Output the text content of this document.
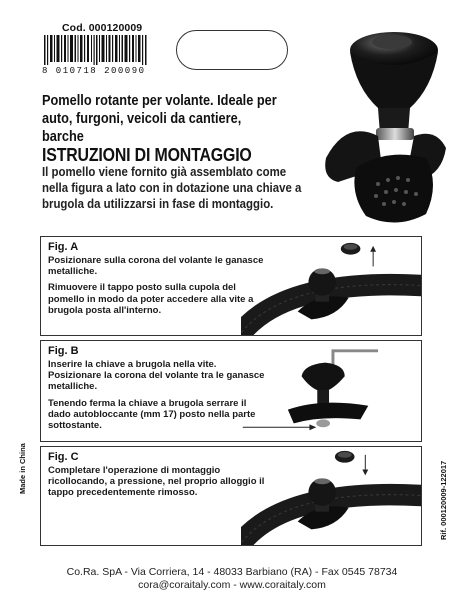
Cod. 000120009
8 010718 200090
Pomello rotante per volante. Ideale per auto, furgoni, veicoli da cantiere, barche
ISTRUZIONI DI MONTAGGIO
Il pomello viene fornito già assemblato come nella figura a lato con in dotazione una chiave a brugola da utilizzarsi in fase di montaggio.
Fig. A

Posizionare sulla corona del volante le ganasce metalliche.

Rimuovere il tappo posto sulla cupola del pomello in modo da poter accedere alla vite a brugola posta all'interno.

Fig. B

Inserire la chiave a brugola nella vite. Posizionare la corona del volante tra le ganasce metalliche.

Tenendo ferma la chiave a brugola serrare il dado autobloccante (mm 17) posto nella parte sottostante.

Fig. C

Completare l'operazione di montaggio ricollocando, a pressione, nel proprio alloggio il tappo precedentemente rimosso.

Made in China	Rif. 000120009-122017
Co.Ra. SpA - Via Corriera, 14 - 48033 Barbiano (RA) - Fax 0545 78734
cora@coraitaly.com - www.coraitaly.com
